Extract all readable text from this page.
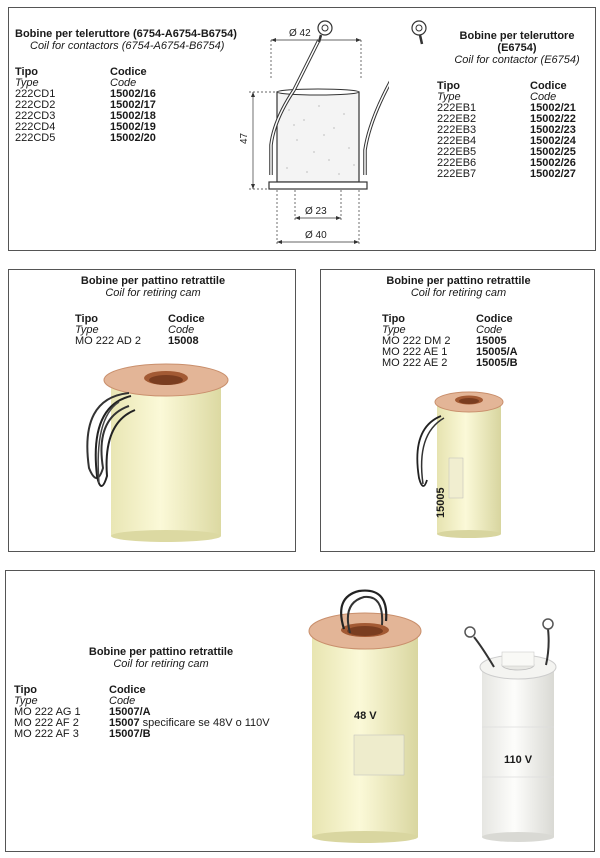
Bobine per teleruttore (6754-A6754-B6754)
Coil for contactors (6754-A6754-B6754)
Tipo	Codice
Type	Code
222CD1	15002/16
222CD2	15002/17
222CD3	15002/18
222CD4	15002/19
222CD5	15002/20
Ø 42
47
Ø 23
Ø 40
Bobine per teleruttore
(E6754)
Coil for contactor (E6754)
Tipo	Codice
Type	Code
222EB1	15002/21
222EB2	15002/22
222EB3	15002/23
222EB4	15002/24
222EB5	15002/25
222EB6	15002/26
222EB7	15002/27
Bobine per pattino retrattile
Coil for retiring cam
Tipo	Codice
Type	Code
MO 222 AD 2	15008
Bobine per pattino retrattile
Coil for retiring cam
Tipo	Codice
Type	Code
MO 222 DM 2	15005
MO 222 AE 1	15005/A
MO 222 AE 2	15005/B
15005
Bobine per pattino retrattile
Coil for retiring cam
Tipo	Codice
Type	Code
MO 222 AG 1	15007/A
MO 222 AF 2	15007 specificare se 48V o 110V
MO 222 AF 3	15007/B
48 V
110 V
